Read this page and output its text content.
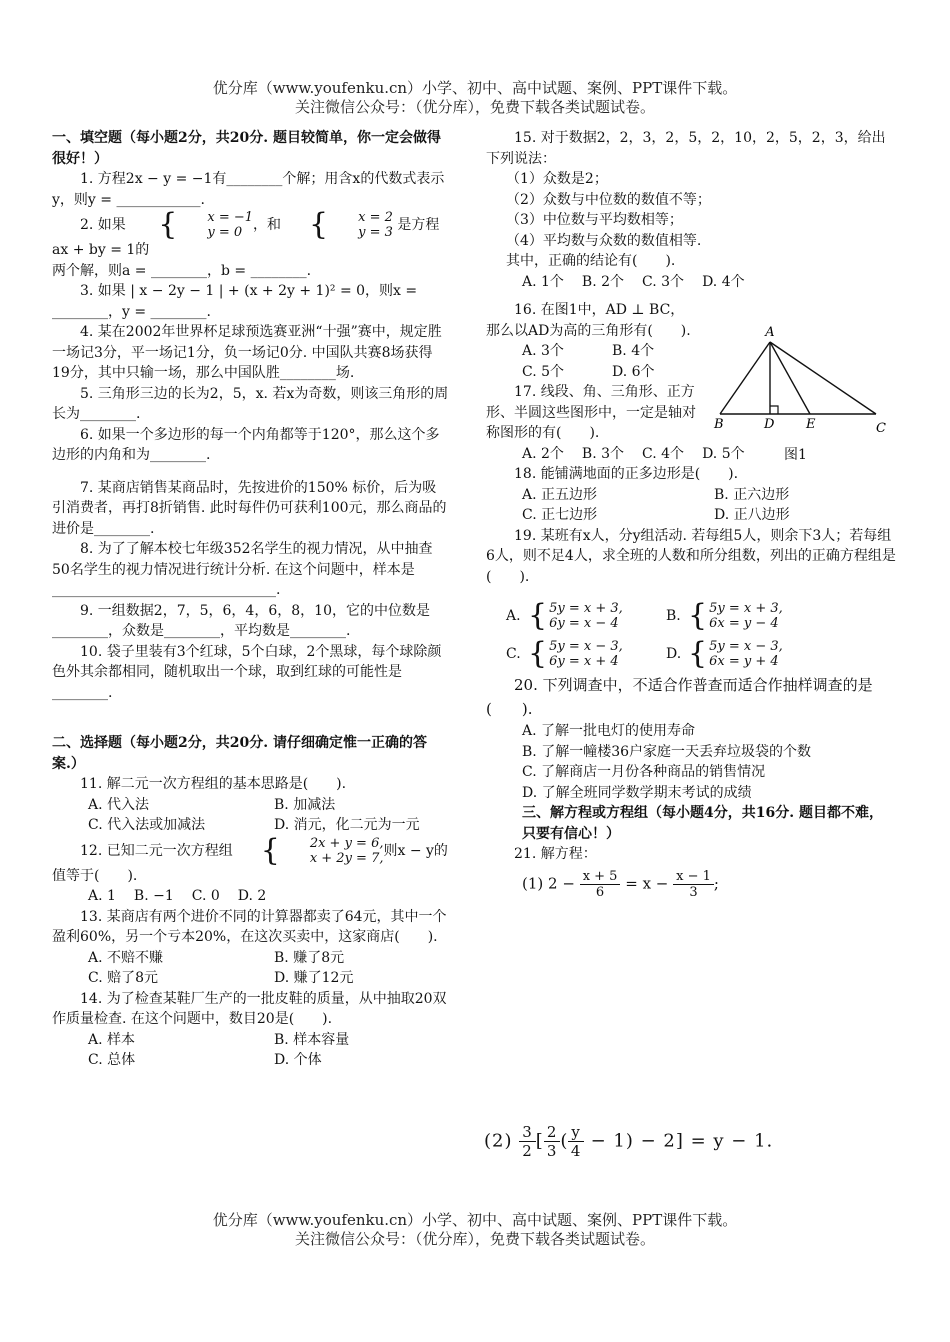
优分库（www.youfenku.cn）小学、初中、高中试题、案例、PPT课件下载。
关注微信公众号：（优分库），免费下载各类试题试卷。

一、填空题（每小题2分，共20分. 题目较简单，你一定会做得很好！）

1. 方程2x − y = −1有________个解；用含x的代数式表示y，则y = ____________.

2. 如果	{	x = −1
y = 0 ，和 {	x = 2
y = 3 是方程ax + by = 1的

两个解，则a = ________，b = ________.

3. 如果 | x − 2y − 1 | + (x + 2y + 1)² = 0，则x = ________，y = ________.

4. 某在2002年世界杯足球预选赛亚洲“十强”赛中，规定胜一场记3分，平一场记1分，负一场记0分. 中国队共赛8场获得19分，其中只输一场，那么中国队胜________场.

5. 三角形三边的长为2，5，x. 若x为奇数，则该三角形的周长为________.

6. 如果一个多边形的每一个内角都等于120°，那么这个多边形的内角和为________.

7. 某商店销售某商品时，先按进价的150% 标价，后为吸引消费者，再打8折销售. 此时每件仍可获利100元，那么商品的进价是________.

8. 为了了解本校七年级352名学生的视力情况，从中抽查50名学生的视力情况进行统计分析. 在这个问题中，样本是________________________________.

9. 一组数据2，7，5，6，4，6，8，10，它的中位数是________，众数是________，平均数是________.

10. 袋子里装有3个红球，5个白球，2个黑球，每个球除颜色外其余都相同，随机取出一个球，取到红球的可能性是________.

二、选择题（每小题2分，共20分. 请仔细确定惟一正确的答案.）

11. 解二元一次方程组的基本思路是(　　).

A. 代入法	B. 加减法
C. 代入法或加减法	D. 消元，化二元为一元

12. 已知二元一次方程组 {	2x + y = 6,
x + 2y = 7, 则x − y的

值等于(　　).

A. 1 B. −1 C. 0 D. 2

13. 某商店有两个进价不同的计算器都卖了64元，其中一个盈利60%，另一个亏本20%，在这次买卖中，这家商店(　　).

A. 不赔不赚	B. 赚了8元
C. 赔了8元	D. 赚了12元

14. 为了检查某鞋厂生产的一批皮鞋的质量，从中抽取20双作质量检查. 在这个问题中，数目20是(　　).

A. 样本	B. 样本容量
C. 总体	D. 个体

15. 对于数据2，2，3，2，5，2，10，2，5，2，3，给出下列说法：

（1）众数是2；

（2）众数与中位数的数值不等；

（3）中位数与平均数相等；

（4）平均数与众数的数值相等.

其中，正确的结论有(　　).

A. 1个 B. 2个 C. 3个 D. 4个

16. 在图1中，AD ⊥ BC，那么以AD为高的三角形有(　　).

A. 3个	B. 4个
C. 5个	D. 6个

17. 线段、角、三角形、正方形、半圆这些图形中，一定是轴对称图形的有(　　).

A. 2个 B. 3个 C. 4个 D. 5个

18. 能铺满地面的正多边形是(　　).

A. 正五边形	B. 正六边形
C. 正七边形	D. 正八边形

19. 某班有x人，分y组活动. 若每组5人，则余下3人；若每组6人，则不足4人，求全班的人数和所分组数，列出的正确方程组是(　　).

A. { 5y = x + 3,
6y = x − 4	B. { 5y = x + 3,
6x = y − 4
C. { 5y = x − 3,
6y = x + 4	D. { 5y = x − 3,
6x = y + 4

20. 下列调查中，不适合作普查而适合作抽样调查的是(　　).

A. 了解一批电灯的使用寿命

B. 了解一幢楼36户家庭一天丢弃垃圾袋的个数

C. 了解商店一月份各种商品的销售情况

D. 了解全班同学数学期末考试的成绩

三、解方程或方程组（每小题4分，共16分. 题目都不难，只要有信心！）

21. 解方程：

(1) $2 - \frac{x + 5}{6} = x - \frac{x - 1}{3}$ ;
A
B	D E	C
图1
$(2) \frac{3}{2}$ [ $\frac{2}{3}$ ( $\frac{y}{4} - 1) - 2] = y - 1$.
优分库（www.youfenku.cn）小学、初中、高中试题、案例、PPT课件下载。
关注微信公众号：（优分库），免费下载各类试题试卷。
